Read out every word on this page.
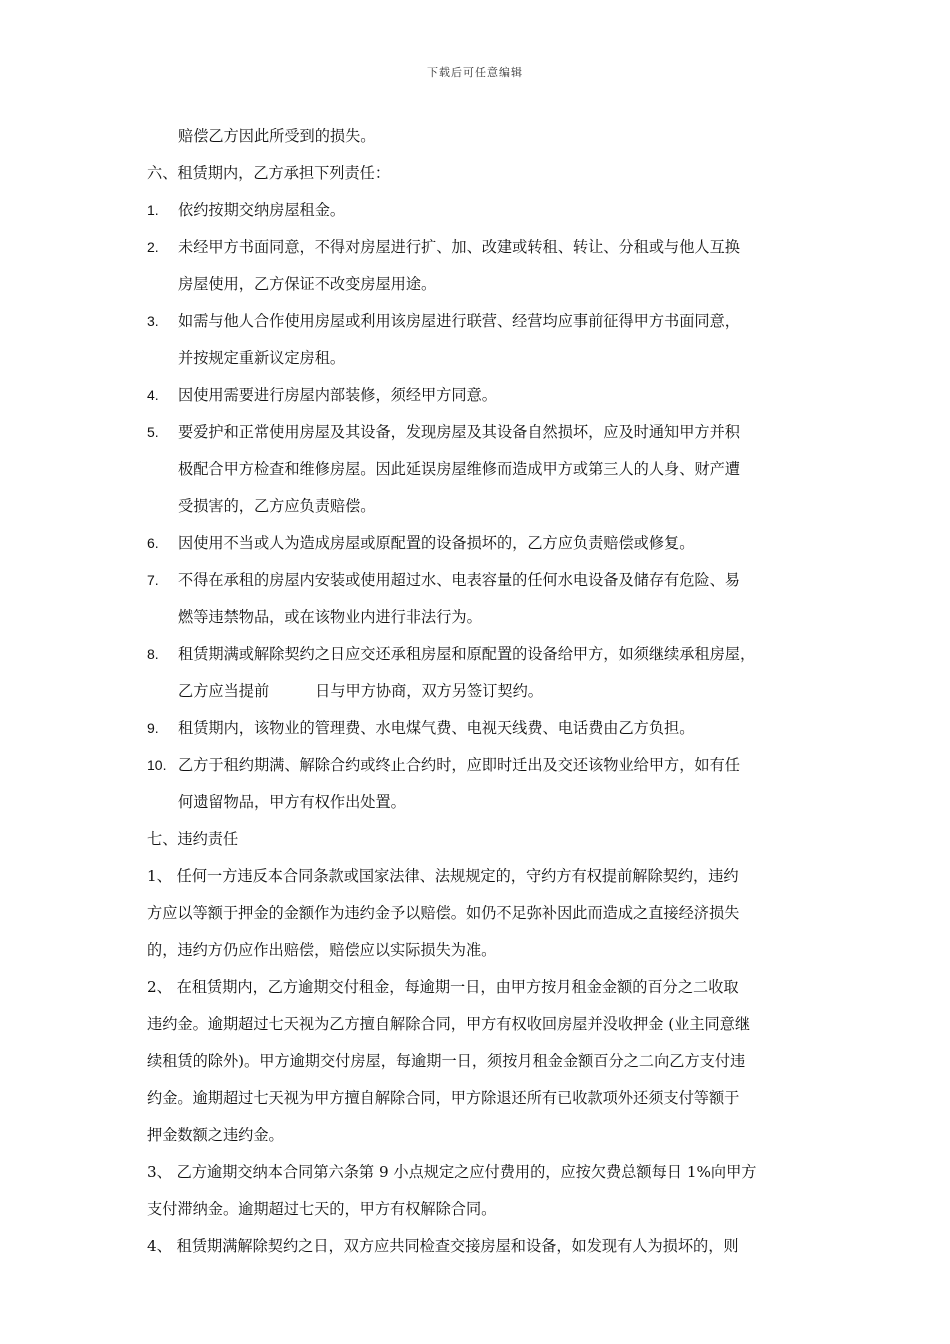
下载后可任意编辑
赔偿乙方因此所受到的损失。
六、租赁期内，乙方承担下列责任：
1.	依约按期交纳房屋租金。
2.	未经甲方书面同意，不得对房屋进行扩、加、改建或转租、转让、分租或与他人互换
房屋使用，乙方保证不改变房屋用途。
3.	如需与他人合作使用房屋或利用该房屋进行联营、经营均应事前征得甲方书面同意，
并按规定重新议定房租。
4.	因使用需要进行房屋内部装修，须经甲方同意。
5.	要爱护和正常使用房屋及其设备，发现房屋及其设备自然损坏，应及时通知甲方并积
极配合甲方检查和维修房屋。因此延误房屋维修而造成甲方或第三人的人身、财产遭
受损害的，乙方应负责赔偿。
6.	因使用不当或人为造成房屋或原配置的设备损坏的，乙方应负责赔偿或修复。
7.	不得在承租的房屋内安装或使用超过水、电表容量的任何水电设备及储存有危险、易
燃等违禁物品，或在该物业内进行非法行为。
8.	租赁期满或解除契约之日应交还承租房屋和原配置的设备给甲方，如须继续承租房屋，
乙方应当提前	日与甲方协商，双方另签订契约。
9.	租赁期内，该物业的管理费、水电煤气费、电视天线费、电话费由乙方负担。
10. 乙方于租约期满、解除合约或终止合约时，应即时迁出及交还该物业给甲方，如有任
何遗留物品，甲方有权作出处置。
七、违约责任
1、 任何一方违反本合同条款或国家法律、法规规定的，守约方有权提前解除契约，违约
方应以等额于押金的金额作为违约金予以赔偿。如仍不足弥补因此而造成之直接经济损失
的，违约方仍应作出赔偿，赔偿应以实际损失为准。
2、 在租赁期内，乙方逾期交付租金，每逾期一日，由甲方按月租金金额的百分之二收取
违约金。逾期超过七天视为乙方擅自解除合同，甲方有权收回房屋并没收押金 (业主同意继
续租赁的除外)。甲方逾期交付房屋，每逾期一日，须按月租金金额百分之二向乙方支付违
约金。逾期超过七天视为甲方擅自解除合同，甲方除退还所有已收款项外还须支付等额于
押金数额之违约金。
3、 乙方逾期交纳本合同第六条第 9 小点规定之应付费用的，应按欠费总额每日 1%向甲方
支付滞纳金。逾期超过七天的，甲方有权解除合同。
4、 租赁期满解除契约之日，双方应共同检查交接房屋和设备，如发现有人为损坏的，则
